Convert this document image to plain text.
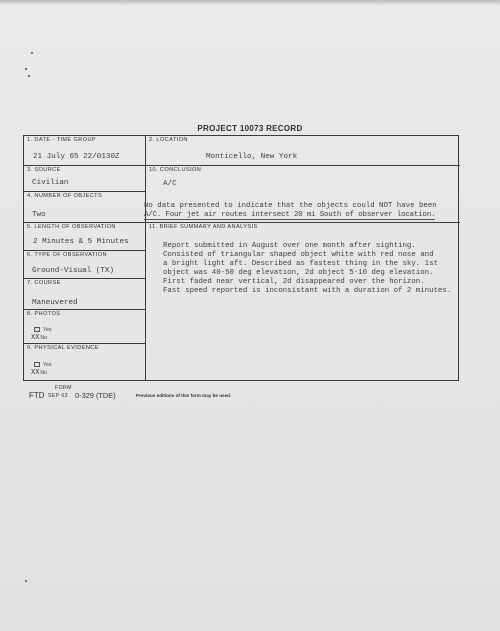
PROJECT 10073 RECORD
1. DATE - TIME GROUP
21 July 65 22/0130Z
3. SOURCE
Civilian
4. NUMBER OF OBJECTS
Two
5. LENGTH OF OBSERVATION
2 Minutes & 5 Minutes
6. TYPE OF OBSERVATION
Ground-Visual (TX)
7. COURSE
Maneuvered
8. PHOTOS
Yes
XXNo
9. PHYSICAL EVIDENCE
Yes
XXNo
2. LOCATION
Monticello, New York
10. CONCLUSION
A/C
No data presented to indicate that the objects could NOT have been
A/C. Four jet air routes intersect 20 mi South of observer location.
11. BRIEF SUMMARY AND ANALYSIS
Report submitted in August over one month after sighting.
Consisted of triangular shaped object white with red nose and
a bright light aft. Described as fastest thing in the sky. 1st
object was 40-50 deg elevation, 2d object 5-10 deg elevation.
First faded near vertical, 2d disappeared over the horizon.
Fast speed reported is inconsistant with a duration of 2 minutes.
FORM
FTD SEP 63 0-329 (TDE)	Previous editions of this form may be used.
